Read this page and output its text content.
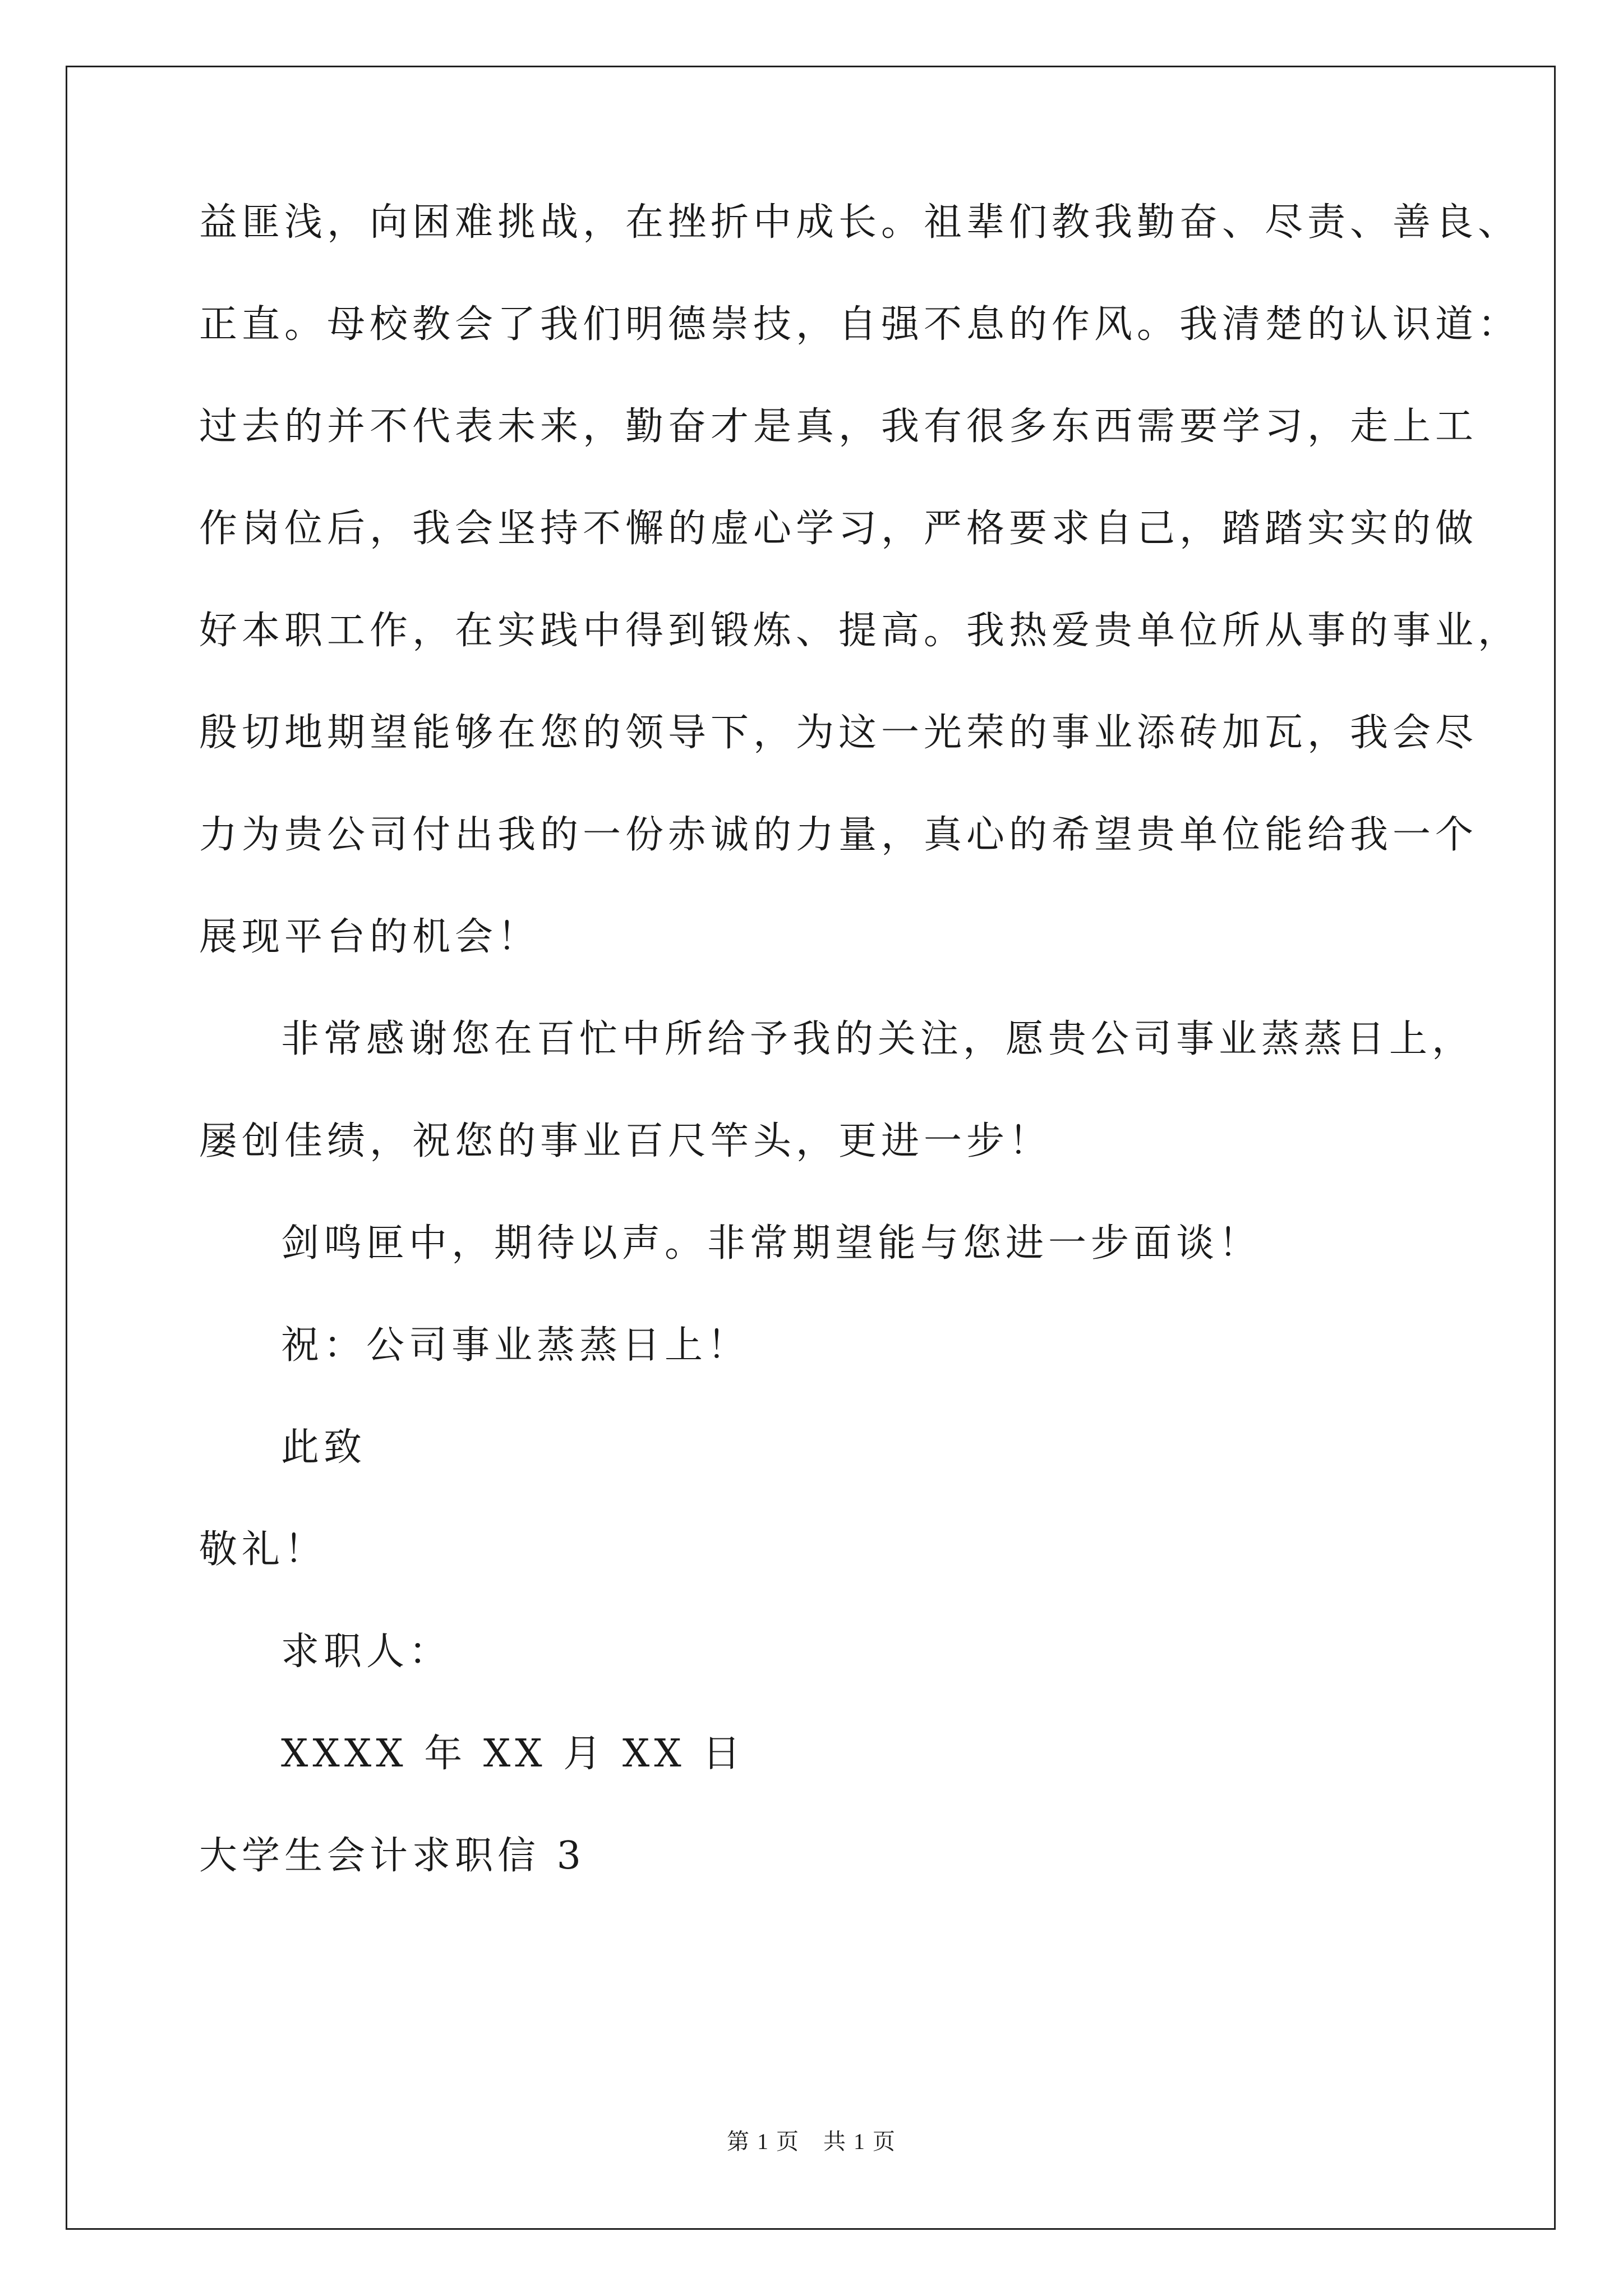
益匪浅，向困难挑战，在挫折中成长。祖辈们教我勤奋、尽责、善良、
正直。母校教会了我们明德崇技，自强不息的作风。我清楚的认识道：
过去的并不代表未来，勤奋才是真，我有很多东西需要学习，走上工
作岗位后，我会坚持不懈的虚心学习，严格要求自己，踏踏实实的做
好本职工作，在实践中得到锻炼、提高。我热爱贵单位所从事的事业，
殷切地期望能够在您的领导下，为这一光荣的事业添砖加瓦，我会尽
力为贵公司付出我的一份赤诚的力量，真心的希望贵单位能给我一个
展现平台的机会！
非常感谢您在百忙中所给予我的关注，愿贵公司事业蒸蒸日上，
屡创佳绩，祝您的事业百尺竿头，更进一步！
剑鸣匣中，期待以声。非常期望能与您进一步面谈！
祝：公司事业蒸蒸日上！
此致
敬礼！
求职人：
XXXX 年 XX 月 XX 日
大学生会计求职信 3
第 1 页　共 1 页
